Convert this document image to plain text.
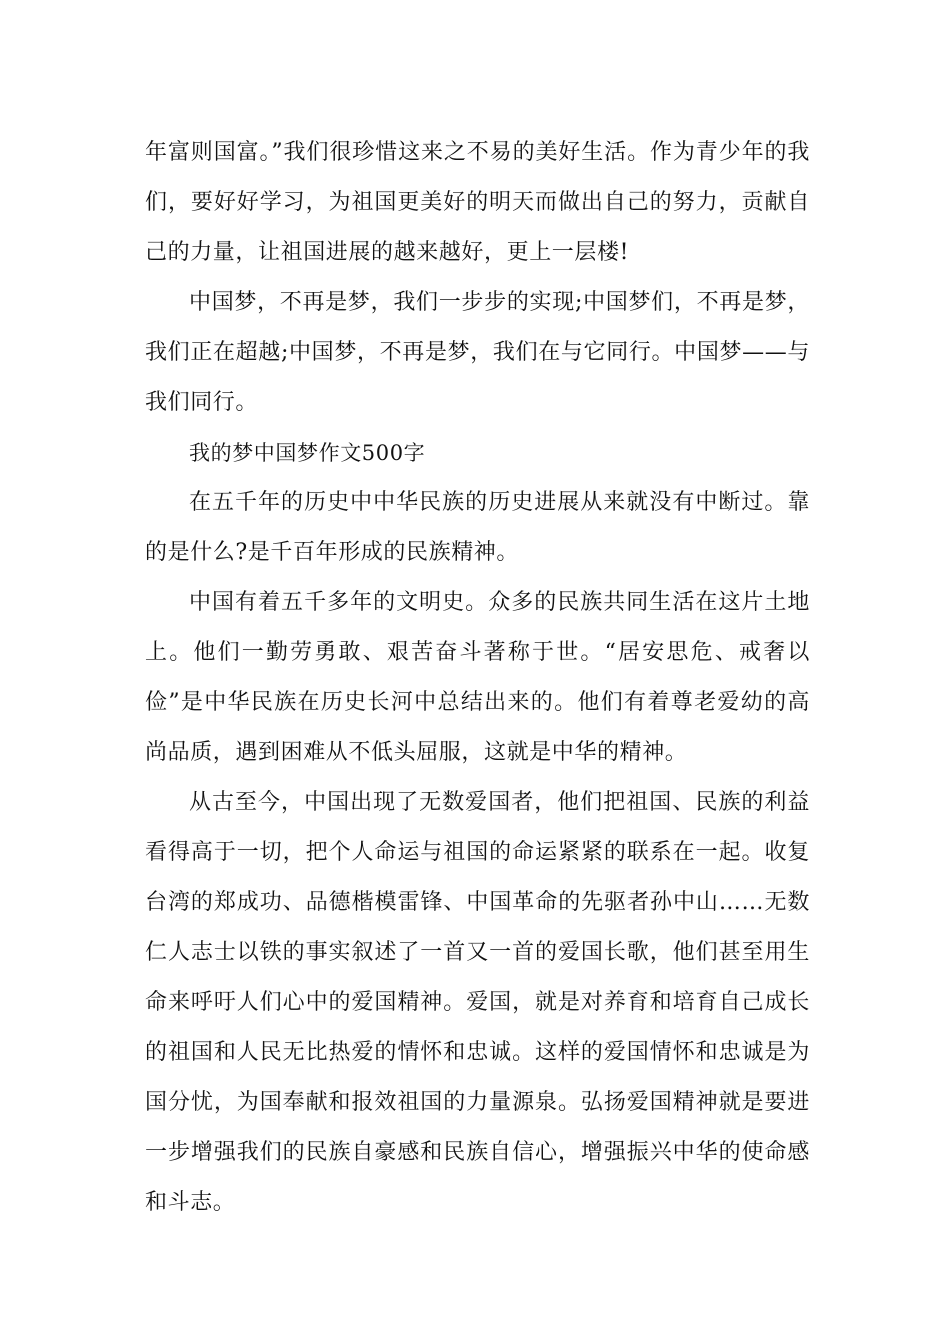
年富则国富。”我们很珍惜这来之不易的美好生活。作为青少年的我们，要好好学习，为祖国更美好的明天而做出自己的努力，贡献自己的力量，让祖国进展的越来越好，更上一层楼!

中国梦，不再是梦，我们一步步的实现;中国梦们，不再是梦，我们正在超越;中国梦，不再是梦，我们在与它同行。中国梦——与我们同行。

我的梦中国梦作文500字

在五千年的历史中中华民族的历史进展从来就没有中断过。靠的是什么?是千百年形成的民族精神。

中国有着五千多年的文明史。众多的民族共同生活在这片土地上。他们一勤劳勇敢、艰苦奋斗著称于世。“居安思危、戒奢以俭”是中华民族在历史长河中总结出来的。他们有着尊老爱幼的高尚品质，遇到困难从不低头屈服，这就是中华的精神。

从古至今，中国出现了无数爱国者，他们把祖国、民族的利益看得高于一切，把个人命运与祖国的命运紧紧的联系在一起。收复台湾的郑成功、品德楷模雷锋、中国革命的先驱者孙中山……无数仁人志士以铁的事实叙述了一首又一首的爱国长歌，他们甚至用生命来呼吁人们心中的爱国精神。爱国，就是对养育和培育自己成长的祖国和人民无比热爱的情怀和忠诚。这样的爱国情怀和忠诚是为国分忧，为国奉献和报效祖国的力量源泉。弘扬爱国精神就是要进一步增强我们的民族自豪感和民族自信心，增强振兴中华的使命感和斗志。
